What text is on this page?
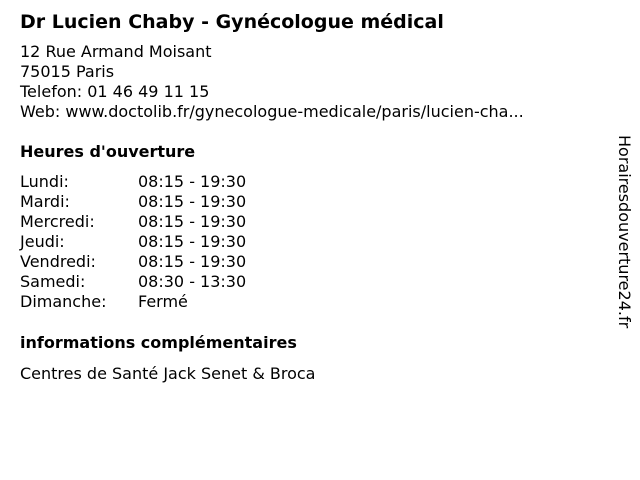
Dr Lucien Chaby - Gynécologue médical
12 Rue Armand Moisant
75015 Paris
Telefon: 01 46 49 11 15
Web: www.doctolib.fr/gynecologue-medicale/paris/lucien-cha...
Heures d'ouverture
Lundi:	08:15 - 19:30
Mardi:	08:15 - 19:30
Mercredi:	08:15 - 19:30
Jeudi:	08:15 - 19:30
Vendredi:	08:15 - 19:30
Samedi:	08:30 - 13:30
Dimanche:	Fermé
informations complémentaires
Centres de Santé Jack Senet & Broca
Horairesdouverture24.fr
